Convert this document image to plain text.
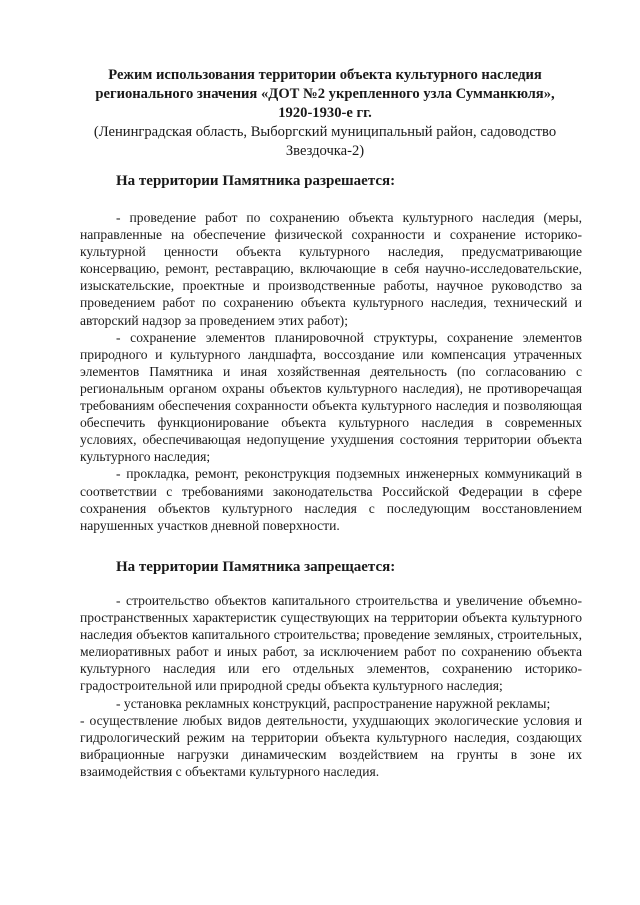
Режим использования территории объекта культурного наследия
регионального значения «ДОТ №2 укрепленного узла Сумманкюля»,
1920-1930-е гг.
(Ленинградская область, Выборгский муниципальный район, садоводство
Звездочка-2)
На территории Памятника разрешается:

- проведение работ по сохранению объекта культурного наследия (меры, направленные на обеспечение физической сохранности и сохранение историко-культурной ценности объекта культурного наследия, предусматривающие консервацию, ремонт, реставрацию, включающие в себя научно-исследовательские, изыскательские, проектные и производственные работы, научное руководство за проведением работ по сохранению объекта культурного наследия, технический и авторский надзор за проведением этих работ);

- сохранение элементов планировочной структуры, сохранение элементов природного и культурного ландшафта, воссоздание или компенсация утраченных элементов Памятника и иная хозяйственная деятельность (по согласованию с региональным органом охраны объектов культурного наследия), не противоречащая требованиям обеспечения сохранности объекта культурного наследия и позволяющая обеспечить функционирование объекта культурного наследия в современных условиях, обеспечивающая недопущение ухудшения состояния территории объекта культурного наследия;

- прокладка, ремонт, реконструкция подземных инженерных коммуникаций в соответствии с требованиями законодательства Российской Федерации в сфере сохранения объектов культурного наследия с последующим восстановлением нарушенных участков дневной поверхности.

На территории Памятника запрещается:

- строительство объектов капитального строительства и увеличение объемно-пространственных характеристик существующих на территории объекта культурного наследия объектов капитального строительства; проведение земляных, строительных, мелиоративных работ и иных работ, за исключением работ по сохранению объекта культурного наследия или его отдельных элементов, сохранению историко-градостроительной или природной среды объекта культурного наследия;

- установка рекламных конструкций, распространение наружной рекламы;

- осуществление любых видов деятельности, ухудшающих экологические условия и гидрологический режим на территории объекта культурного наследия, создающих вибрационные нагрузки динамическим воздействием на грунты в зоне их взаимодействия с объектами культурного наследия.
